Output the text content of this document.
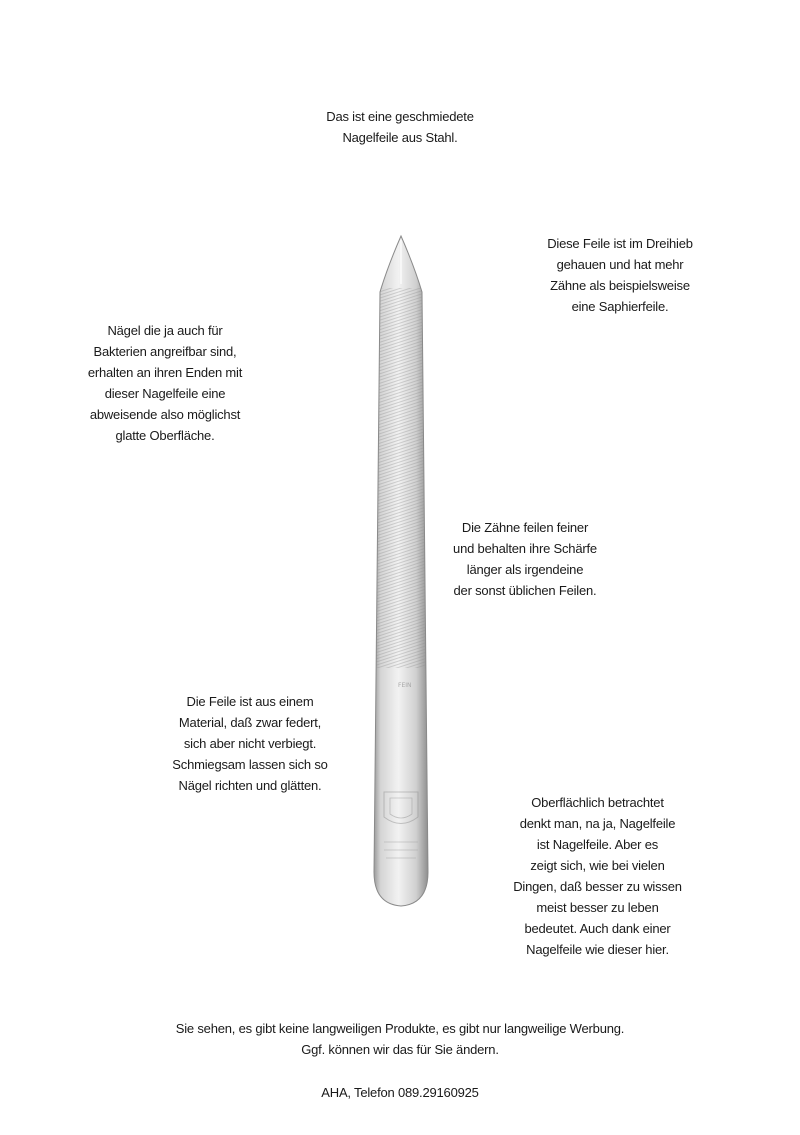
Das ist eine geschmiedete
Nagelfeile aus Stahl.
Diese Feile ist im Dreihieb
gehauen und hat mehr
Zähne als beispielsweise
eine Saphierfeile.
Nägel die ja auch für
Bakterien angreifbar sind,
erhalten an ihren Enden mit
dieser Nagelfeile eine
abweisende also möglichst
glatte Oberfläche.
Die Zähne feilen feiner
und behalten ihre Schärfe
länger als irgendeine
der sonst üblichen Feilen.
Die Feile ist aus einem
Material, daß zwar federt,
sich aber nicht verbiegt.
Schmiegsam lassen sich so
Nägel richten und glätten.
Oberflächlich betrachtet
denkt man, na ja, Nagelfeile
ist Nagelfeile. Aber es
zeigt sich, wie bei vielen
Dingen, daß besser zu wissen
meist besser zu leben
bedeutet. Auch dank einer
Nagelfeile wie dieser hier.
Sie sehen, es gibt keine langweiligen Produkte, es gibt nur langweilige Werbung.
Ggf. können wir das für Sie ändern.
AHA, Telefon 089.29160925
FEIN
